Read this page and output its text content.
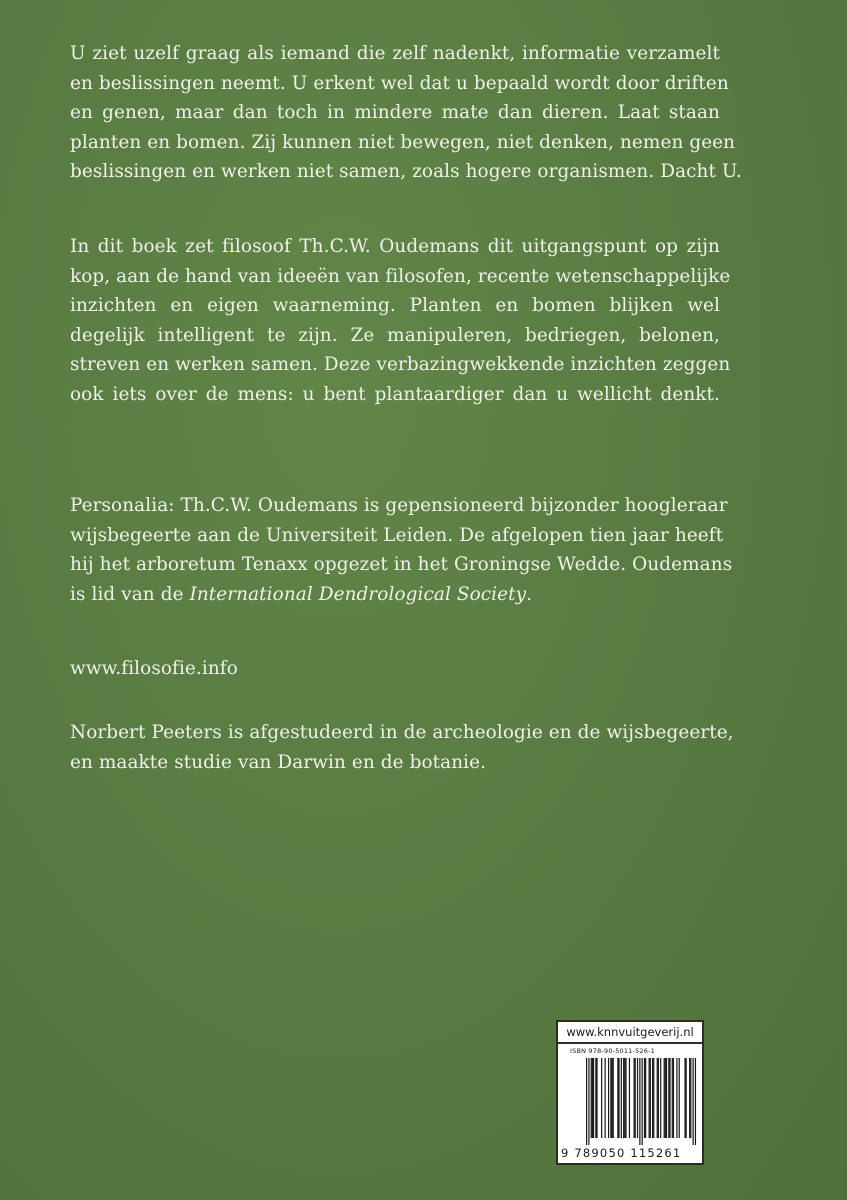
U ziet uzelf graag als iemand die zelf nadenkt, informatie verzamelt
en beslissingen neemt. U erkent wel dat u bepaald wordt door driften
en genen, maar dan toch in mindere mate dan dieren. Laat staan
planten en bomen. Zij kunnen niet bewegen, niet denken, nemen geen
beslissingen en werken niet samen, zoals hogere organismen. Dacht U.
In dit boek zet filosoof Th.C.W. Oudemans dit uitgangspunt op zijn
kop, aan de hand van ideeën van filosofen, recente wetenschappelijke
inzichten en eigen waarneming. Planten en bomen blijken wel
degelijk intelligent te zijn. Ze manipuleren, bedriegen, belonen,
streven en werken samen. Deze verbazingwekkende inzichten zeggen
ook iets over de mens: u bent plantaardiger dan u wellicht denkt.
Personalia: Th.C.W. Oudemans is gepensioneerd bijzonder hoogleraar
wijsbegeerte aan de Universiteit Leiden. De afgelopen tien jaar heeft
hij het arboretum Tenaxx opgezet in het Groningse Wedde. Oudemans
is lid van de International Dendrological Society.
www.filosofie.info
Norbert Peeters is afgestudeerd in de archeologie en de wijsbegeerte,
en maakte studie van Darwin en de botanie.
www.knnvuitgeverij.nl
ISBN 978-90-5011-526-1
9 789050 115261
